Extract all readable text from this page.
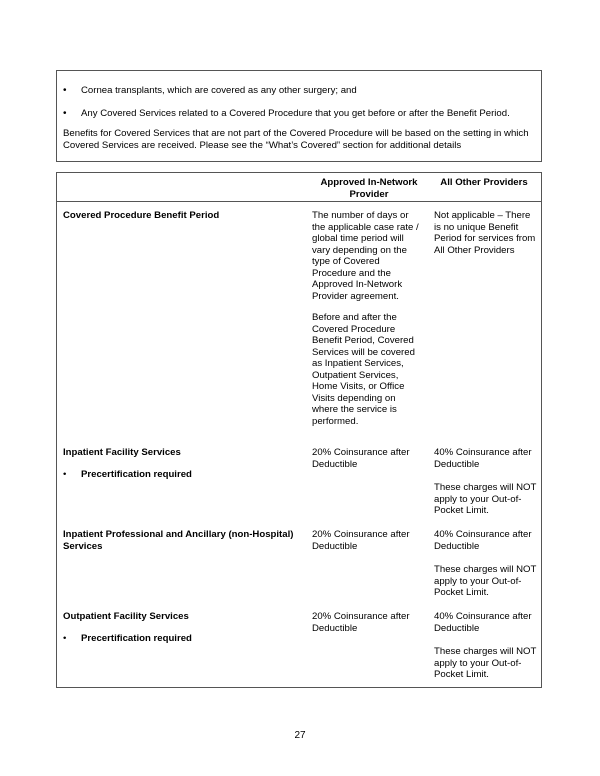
• Cornea transplants, which are covered as any other surgery; and
• Any Covered Services related to a Covered Procedure that you get before or after the Benefit Period.
Benefits for Covered Services that are not part of the Covered Procedure will be based on the setting in which Covered Services are received. Please see the “What’s Covered” section for additional details
Approved In-Network Provider
All Other Providers
Covered Procedure Benefit Period	The number of days or the applicable case rate / global time period will vary depending on the type of Covered Procedure and the Approved In-Network Provider agreement.
Before and after the Covered Procedure Benefit Period, Covered Services will be covered as Inpatient Services, Outpatient Services, Home Visits, or Office Visits depending on where the service is performed.
Not applicable – There is no unique Benefit Period for services from All Other Providers
Inpatient Facility Services
• Precertification required
20% Coinsurance after Deductible
40% Coinsurance after Deductible
These charges will NOT apply to your Out-of-Pocket Limit.
Inpatient Professional and Ancillary (non-Hospital) Services
20% Coinsurance after Deductible
40% Coinsurance after Deductible
These charges will NOT apply to your Out-of-Pocket Limit.
Outpatient Facility Services
• Precertification required
20% Coinsurance after Deductible
40% Coinsurance after Deductible
These charges will NOT apply to your Out-of-Pocket Limit.
27
